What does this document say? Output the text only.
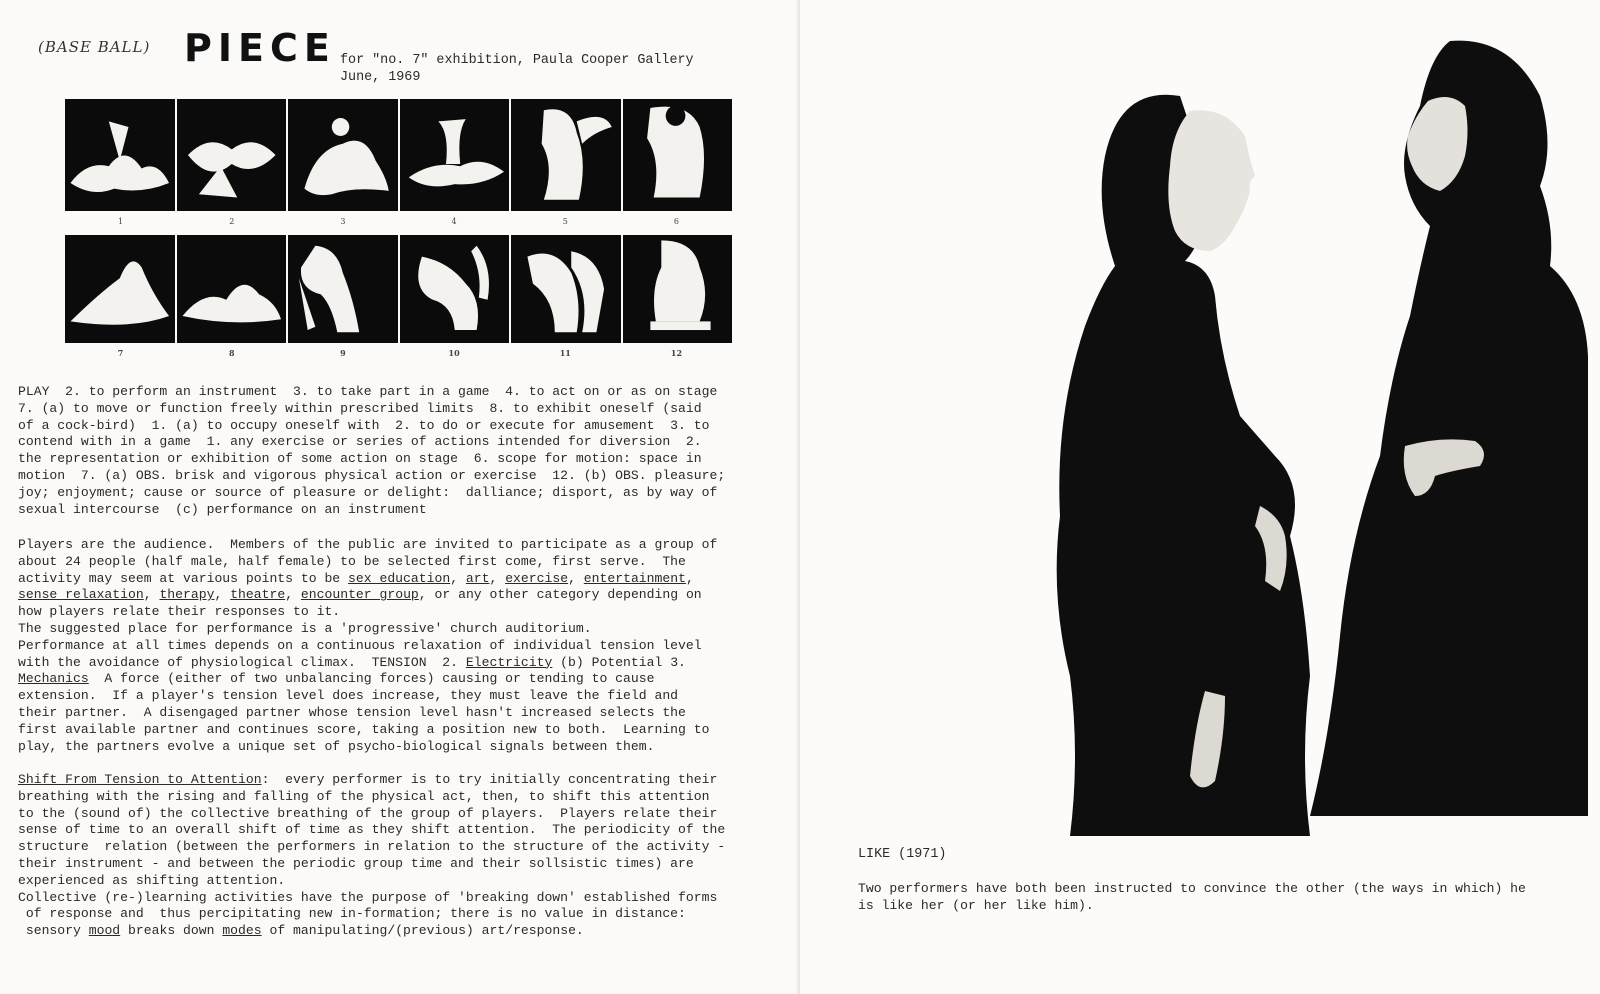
(BASE BALL) PIECE for "no. 7" exhibition, Paula Cooper Gallery
June, 1969
1	2	3	4	5	6
7	8	9	10	11	12

PLAY  2. to perform an instrument  3. to take part in a game  4. to act on or as on stage

7. (a) to move or function freely within prescribed limits  8. to exhibit oneself (said

of a cock-bird)  1. (a) to occupy oneself with  2. to do or execute for amusement  3. to

contend with in a game  1. any exercise or series of actions intended for diversion  2.

the representation or exhibition of some action on stage  6. scope for motion: space in

motion  7. (a) OBS. brisk and vigorous physical action or exercise  12. (b) OBS. pleasure;

joy; enjoyment; cause or source of pleasure or delight:  dalliance; disport, as by way of

sexual intercourse  (c) performance on an instrument

Players are the audience.  Members of the public are invited to participate as a group of

about 24 people (half male, half female) to be selected first come, first serve.  The

activity may seem at various points to be sex education, art, exercise, entertainment,

sense relaxation, therapy, theatre, encounter group, or any other category depending on

how players relate their responses to it.

The suggested place for performance is a 'progressive' church auditorium.

Performance at all times depends on a continuous relaxation of individual tension level

with the avoidance of physiological climax.  TENSION  2. Electricity (b) Potential 3.

Mechanics  A force (either of two unbalancing forces) causing or tending to cause

extension.  If a player's tension level does increase, they must leave the field and

their partner.  A disengaged partner whose tension level hasn't increased selects the

first available partner and continues score, taking a position new to both.  Learning to

play, the partners evolve a unique set of psycho-biological signals between them.

Shift From Tension to Attention:  every performer is to try initially concentrating their

breathing with the rising and falling of the physical act, then, to shift this attention

to the (sound of) the collective breathing of the group of players.  Players relate their

sense of time to an overall shift of time as they shift attention.  The periodicity of the

structure  relation (between the performers in relation to the structure of the activity -

their instrument - and between the periodic group time and their sollsistic times) are

experienced as shifting attention.

Collective (re-)learning activities have the purpose of 'breaking down' established forms

of response and  thus percipitating new in-formation; there is no value in distance:

sensory mood breaks down modes of manipulating/(previous) art/response.

LIKE (1971)
Two performers have both been instructed to convince the other (the ways in which) he
is like her (or her like him).
